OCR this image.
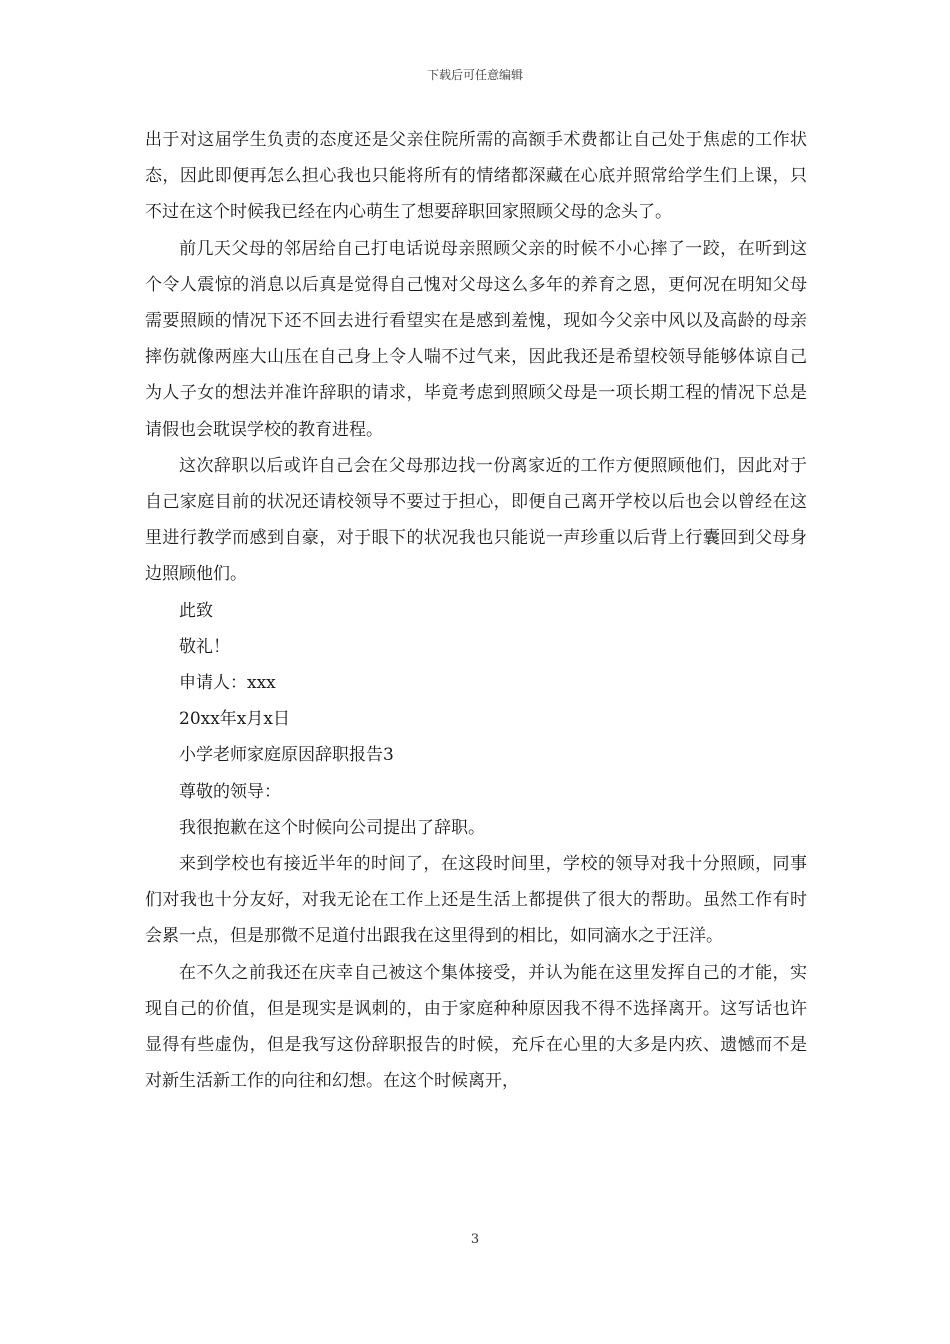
下载后可任意编辑

出于对这届学生负责的态度还是父亲住院所需的高额手术费都让自己处于焦虑的工作状态，因此即便再怎么担心我也只能将所有的情绪都深藏在心底并照常给学生们上课，只不过在这个时候我已经在内心萌生了想要辞职回家照顾父母的念头了。

前几天父母的邻居给自己打电话说母亲照顾父亲的时候不小心摔了一跤，在听到这个令人震惊的消息以后真是觉得自己愧对父母这么多年的养育之恩，更何况在明知父母需要照顾的情况下还不回去进行看望实在是感到羞愧，现如今父亲中风以及高龄的母亲摔伤就像两座大山压在自己身上令人喘不过气来，因此我还是希望校领导能够体谅自己为人子女的想法并准许辞职的请求，毕竟考虑到照顾父母是一项长期工程的情况下总是请假也会耽误学校的教育进程。

这次辞职以后或许自己会在父母那边找一份离家近的工作方便照顾他们，因此对于自己家庭目前的状况还请校领导不要过于担心，即便自己离开学校以后也会以曾经在这里进行教学而感到自豪，对于眼下的状况我也只能说一声珍重以后背上行囊回到父母身边照顾他们。

此致

敬礼！

申请人：xxx

20xx年x月x日

小学老师家庭原因辞职报告3

尊敬的领导：

我很抱歉在这个时候向公司提出了辞职。

来到学校也有接近半年的时间了，在这段时间里，学校的领导对我十分照顾，同事们对我也十分友好，对我无论在工作上还是生活上都提供了很大的帮助。虽然工作有时会累一点，但是那微不足道付出跟我在这里得到的相比，如同滴水之于汪洋。

在不久之前我还在庆幸自己被这个集体接受，并认为能在这里发挥自己的才能，实现自己的价值，但是现实是讽刺的，由于家庭种种原因我不得不选择离开。这写话也许显得有些虚伪，但是我写这份辞职报告的时候，充斥在心里的大多是内疚、遗憾而不是对新生活新工作的向往和幻想。在这个时候离开，

3
